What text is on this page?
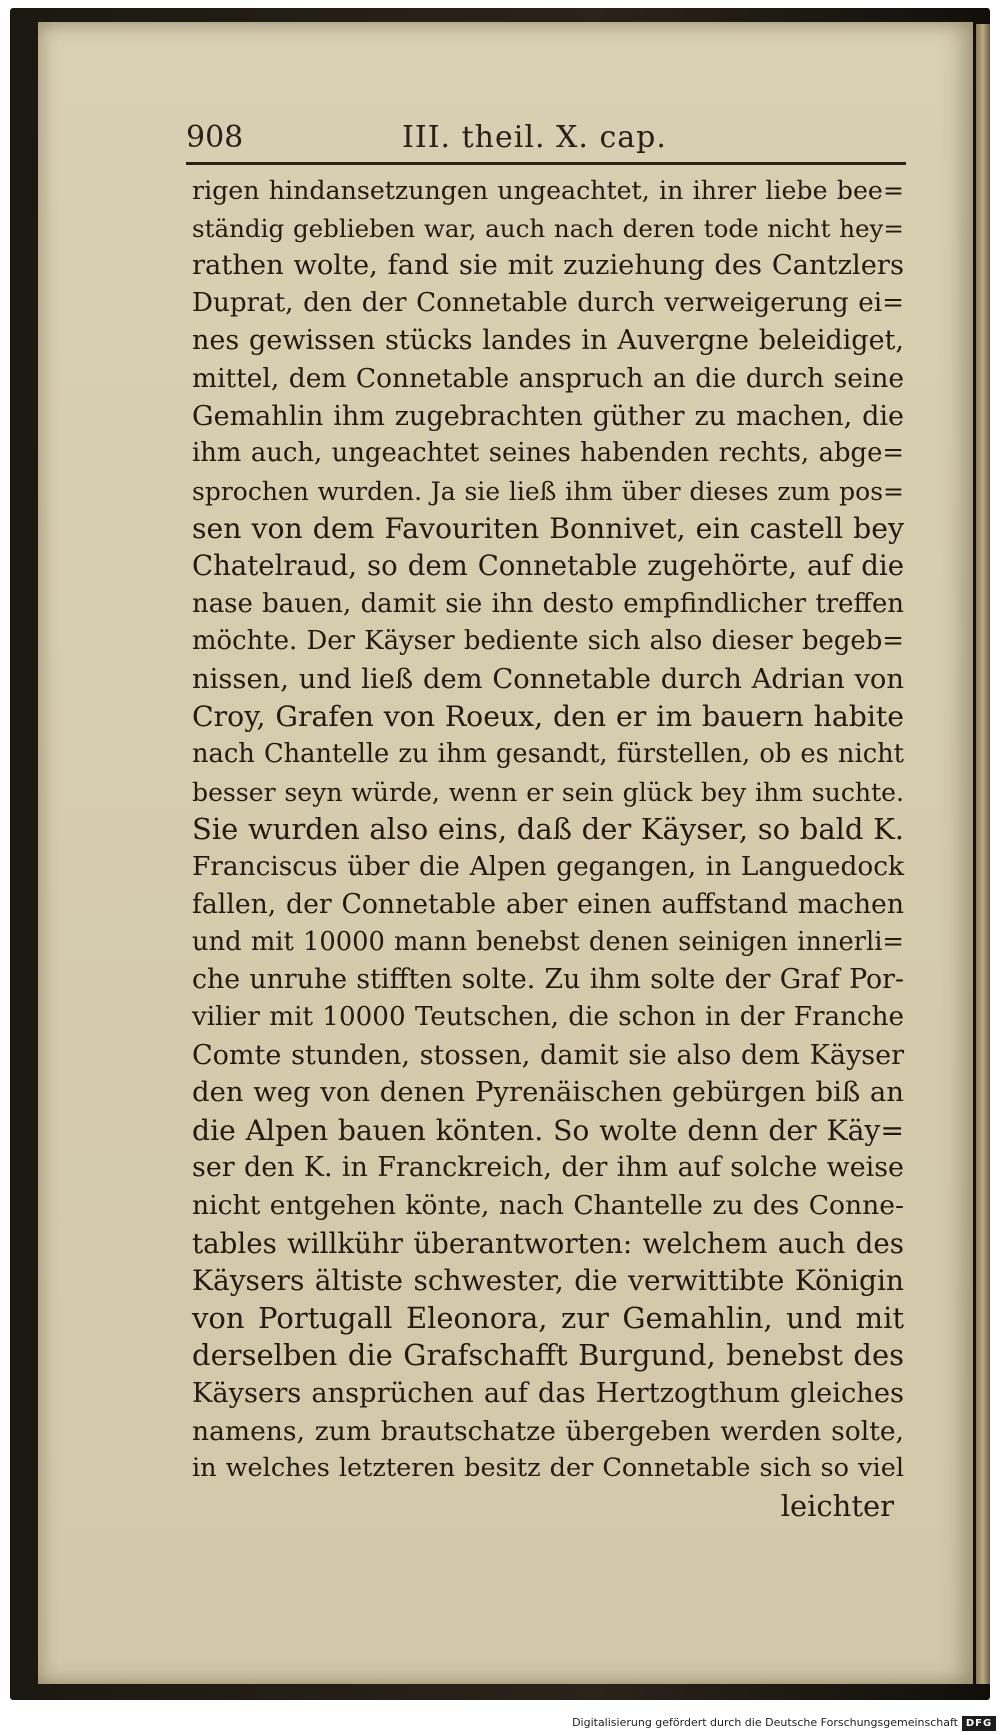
908	III. theil. X. cap.
rigen hindansetzungen ungeachtet, in ihrer liebe bee=
ständig geblieben war, auch nach deren tode nicht hey=
rathen wolte, fand sie mit zuziehung des Cantzlers
Duprat, den der Connetable durch verweigerung ei=
nes gewissen stücks landes in Auvergne beleidiget,
mittel, dem Connetable anspruch an die durch seine
Gemahlin ihm zugebrachten güther zu machen, die
ihm auch, ungeachtet seines habenden rechts, abge=
sprochen wurden. Ja sie ließ ihm über dieses zum pos=
sen von dem Favouriten Bonnivet, ein castell bey
Chatelraud, so dem Connetable zugehörte, auf die
nase bauen, damit sie ihn desto empfindlicher treffen
möchte. Der Käyser bediente sich also dieser begeb=
nissen, und ließ dem Connetable durch Adrian von
Croy, Grafen von Roeux, den er im bauern habite
nach Chantelle zu ihm gesandt, fürstellen, ob es nicht
besser seyn würde, wenn er sein glück bey ihm suchte.
Sie wurden also eins, daß der Käyser, so bald K.
Franciscus über die Alpen gegangen, in Languedock
fallen, der Connetable aber einen auffstand machen
und mit 10000 mann benebst denen seinigen innerli=
che unruhe stifften solte. Zu ihm solte der Graf Por-
vilier mit 10000 Teutschen, die schon in der Franche
Comte stunden, stossen, damit sie also dem Käyser
den weg von denen Pyrenäischen gebürgen biß an
die Alpen bauen könten. So wolte denn der Käy=
ser den K. in Franckreich, der ihm auf solche weise
nicht entgehen könte, nach Chantelle zu des Conne-
tables willkühr überantworten: welchem auch des
Käysers ältiste schwester, die verwittibte Königin
von Portugall Eleonora, zur Gemahlin, und mit
derselben die Grafschafft Burgund, benebst des
Käysers ansprüchen auf das Hertzogthum gleiches
namens, zum brautschatze übergeben werden solte,
in welches letzteren besitz der Connetable sich so viel
leichter
Digitalisierung gefördert durch die Deutsche Forschungsgemeinschaft DFG
